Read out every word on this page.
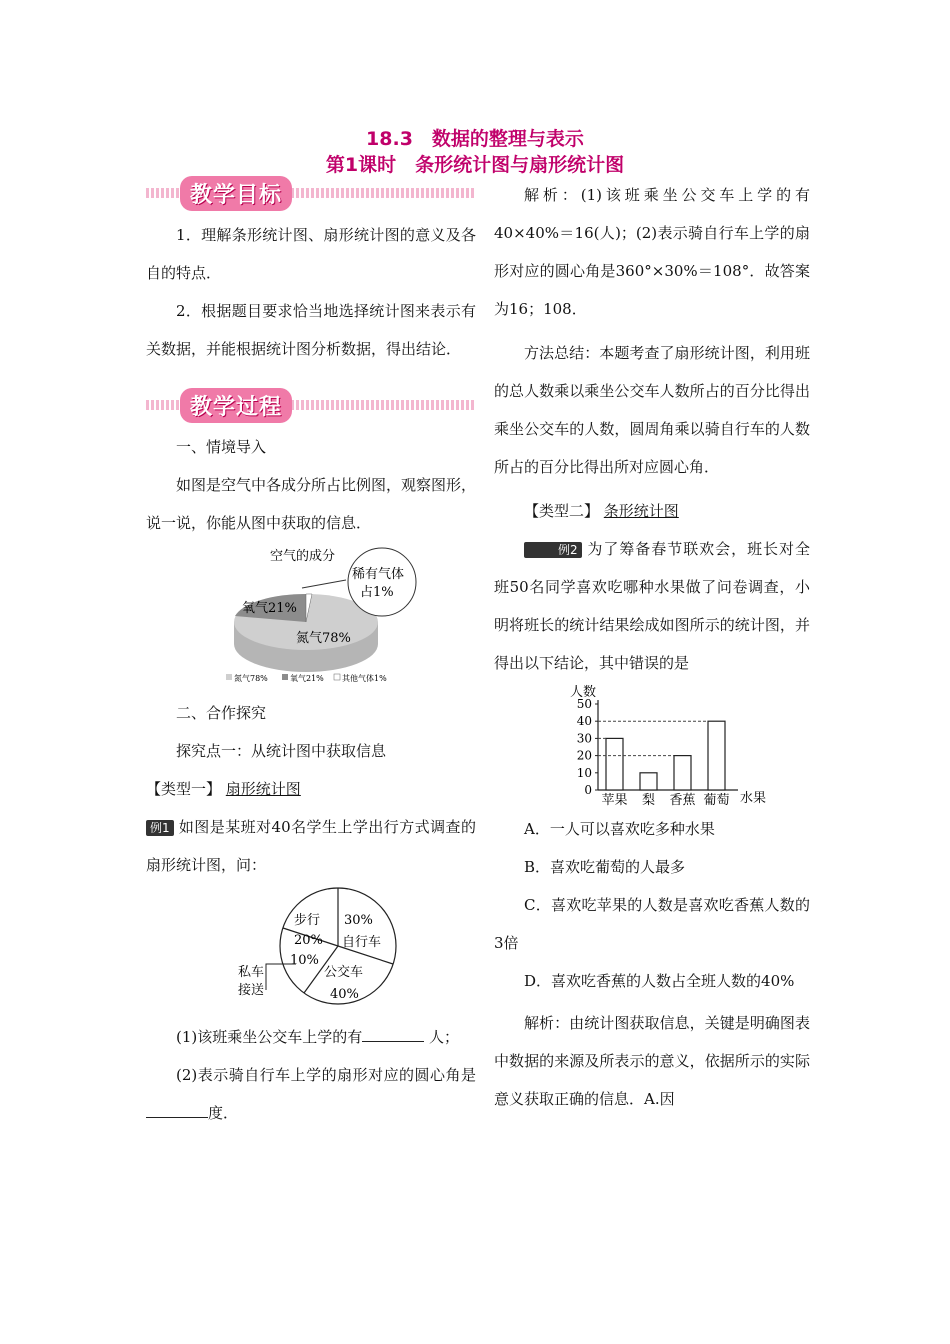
18.3　数据的整理与表示
第1课时　条形统计图与扇形统计图
教学目标

1．理解条形统计图、扇形统计图的意义及各自的特点．

2．根据题目要求恰当地选择统计图来表示有关数据，并能根据统计图分析数据，得出结论．

教学过程

一、情境导入

如图是空气中各成分所占比例图，观察图形，说一说，你能从图中获取的信息．

空气的成分
氧气21%
氮气78%
稀有气体
占1%
氮气78%	氧气21% 其他气体1%

二、合作探究

探究点一：从统计图中获取信息

【类型一】 扇形统计图

例1 如图是某班对40名学生上学出行方式调查的扇形统计图，问：

30%
自行车
公交车
40%
10%
步行
20%
私车
接送

(1)该班乘坐公交车上学的有	人；

(2)表示骑自行车上学的扇形对应的圆心角是度．

解析：(1)该班乘坐公交车上学的有40×40%＝16(人)；(2)表示骑自行车上学的扇形对应的圆心角是360°×30%＝108°．故答案为16；108．

方法总结：本题考查了扇形统计图，利用班的总人数乘以乘坐公交车人数所占的百分比得出乘坐公交车的人数，圆周角乘以骑自行车的人数所占的百分比得出所对应圆心角．

【类型二】 条形统计图

例2 为了筹备春节联欢会，班长对全班50名同学喜欢吃哪种水果做了问卷调查，小明将班长的统计结果绘成如图所示的统计图，并得出以下结论，其中错误的是

人数
水果
0
10
20
30
40
50
苹果 梨 香蕉 葡萄

A．一人可以喜欢吃多种水果

B．喜欢吃葡萄的人最多

C．喜欢吃苹果的人数是喜欢吃香蕉人数的3倍

D．喜欢吃香蕉的人数占全班人数的40%

解析：由统计图获取信息，关键是明确图表中数据的来源及所表示的意义，依据所示的实际意义获取正确的信息．A.因
